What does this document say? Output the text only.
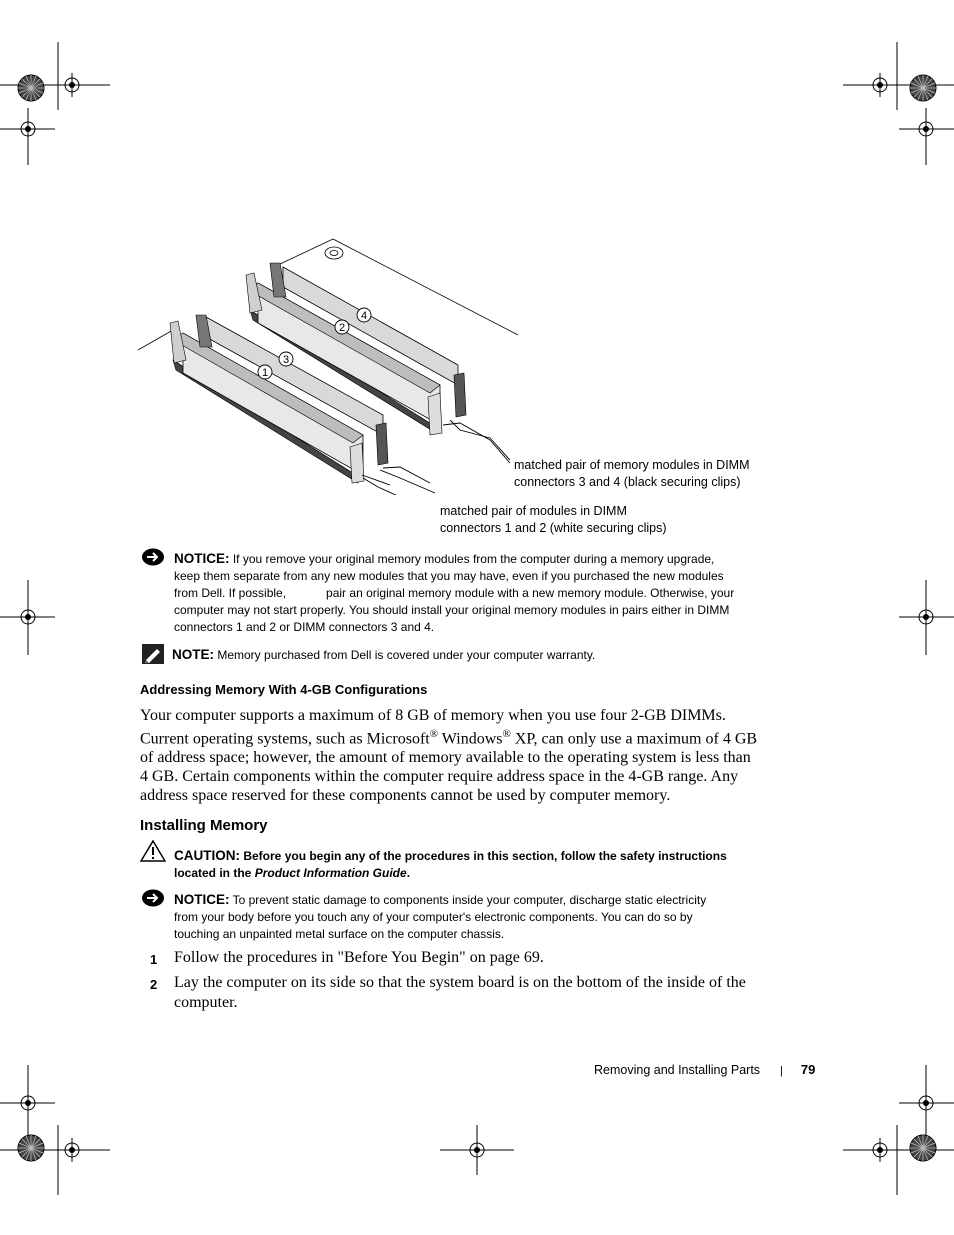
4
2
3
1
matched pair of memory modules in DIMM
connectors 3 and 4 (black securing clips)
matched pair of modules in DIMM
connectors 1 and 2 (white securing clips)
NOTICE: If you remove your original memory modules from the computer during a memory upgrade,
keep them separate from any new modules that you may have, even if you purchased the new modules
from Dell. If possible,            pair an original memory module with a new memory module. Otherwise, your
computer may not start properly. You should install your original memory modules in pairs either in DIMM
connectors 1 and 2 or DIMM connectors 3 and 4.
NOTE: Memory purchased from Dell is covered under your computer warranty.
Addressing Memory With 4-GB Configurations
Your computer supports a maximum of 8 GB of memory when you use four 2-GB DIMMs.
Current operating systems, such as Microsoft® Windows® XP, can only use a maximum of 4 GB
of address space; however, the amount of memory available to the operating system is less than
4 GB. Certain components within the computer require address space in the 4-GB range. Any
address space reserved for these components cannot be used by computer memory.
Installing Memory
CAUTION: Before you begin any of the procedures in this section, follow the safety instructions
located in the Product Information Guide.
NOTICE: To prevent static damage to components inside your computer, discharge static electricity
from your body before you touch any of your computer's electronic components. You can do so by
touching an unpainted metal surface on the computer chassis.
1 Follow the procedures in "Before You Begin" on page 69.
2 Lay the computer on its side so that the system board is on the bottom of the inside of the
computer.
Removing and Installing Parts | 79
